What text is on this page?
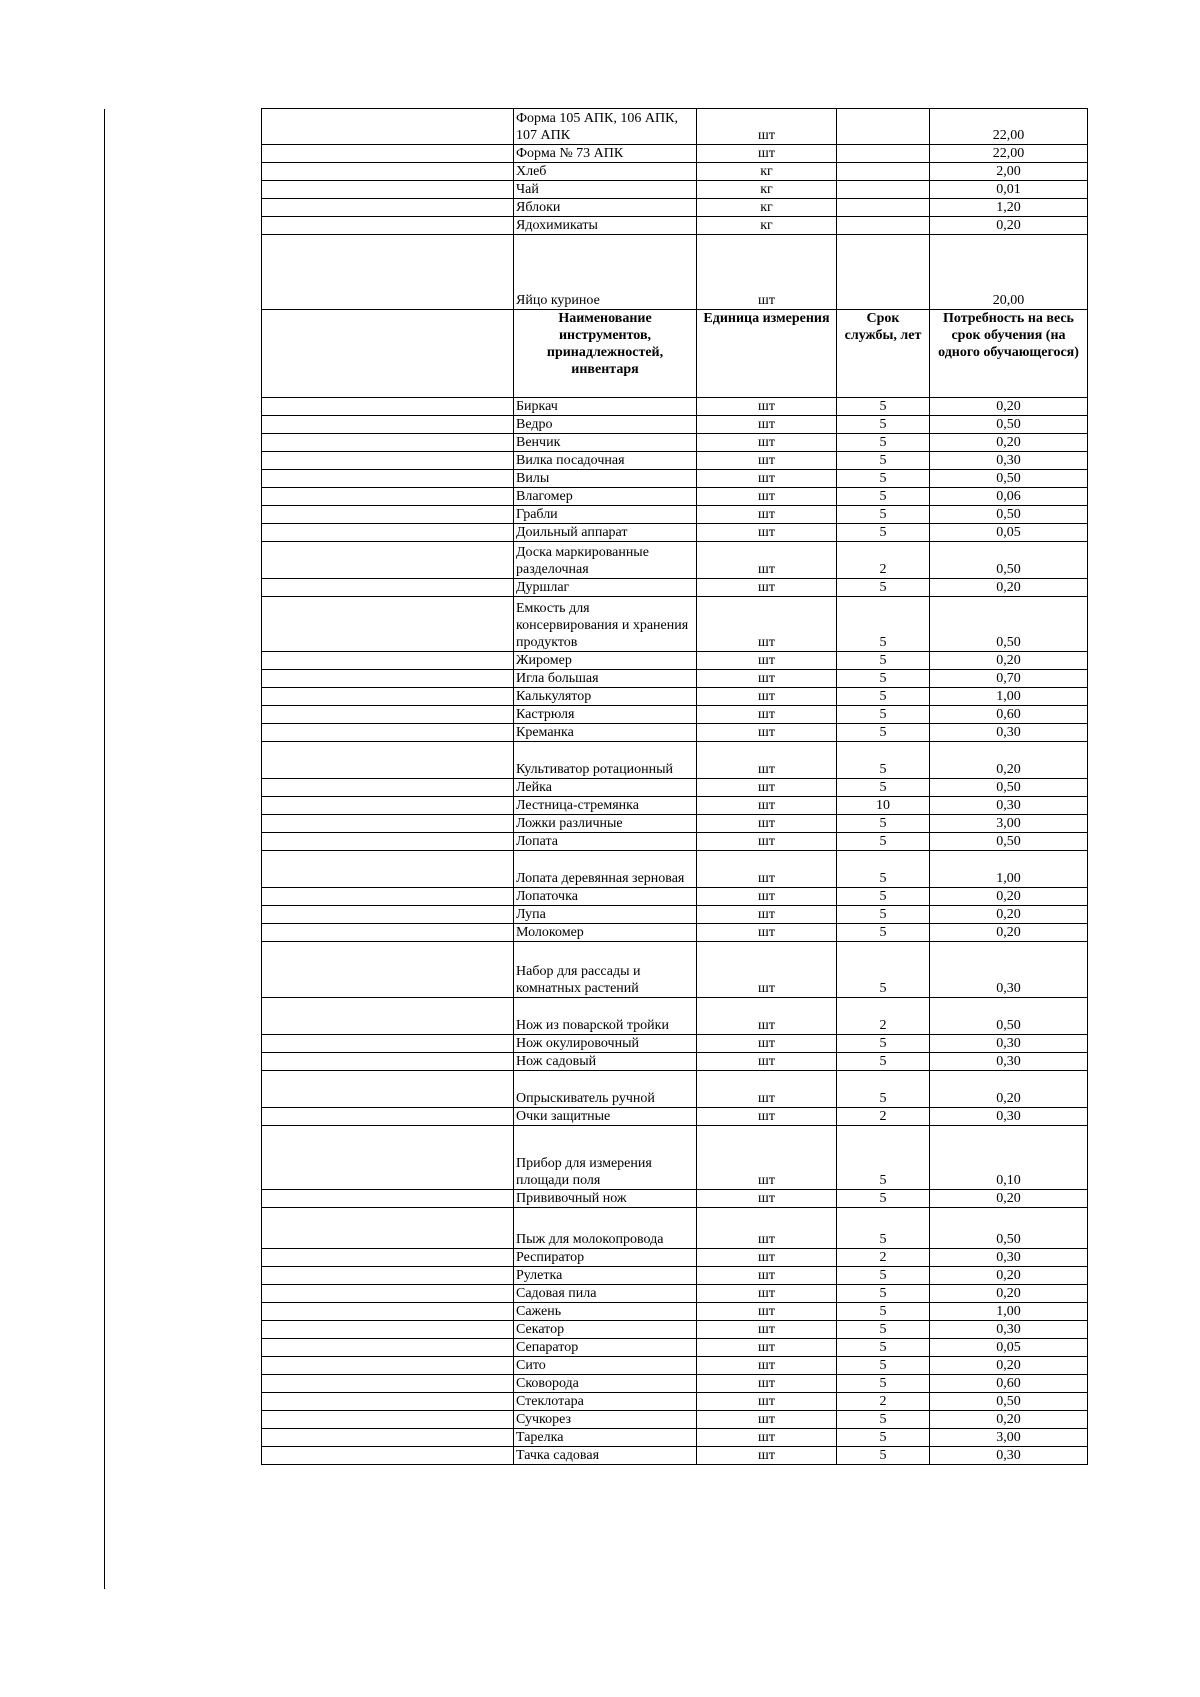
	Форма 105 АПК, 106 АПК, 107 АПК	шт		22,00
	Форма № 73 АПК	шт		22,00
	Хлеб	кг		2,00
	Чай	кг		0,01
	Яблоки	кг		1,20
	Ядохимикаты	кг		0,20
	Яйцо куриное	шт		20,00
	Наименование инструментов, принадлежностей, инвентаря	Единица измерения	Срок службы, лет	Потребность на весь срок обучения (на одного обучающегося)
	Биркач	шт	5	0,20
	Ведро	шт	5	0,50
	Венчик	шт	5	0,20
	Вилка посадочная	шт	5	0,30
	Вилы	шт	5	0,50
	Влагомер	шт	5	0,06
	Грабли	шт	5	0,50
	Доильный аппарат	шт	5	0,05
	Доска маркированные разделочная	шт	2	0,50
	Дуршлаг	шт	5	0,20
	Емкость для консервирования и хранения продуктов	шт	5	0,50
	Жиромер	шт	5	0,20
	Игла большая	шт	5	0,70
	Калькулятор	шт	5	1,00
	Кастрюля	шт	5	0,60
	Креманка	шт	5	0,30
	Культиватор ротационный	шт	5	0,20
	Лейка	шт	5	0,50
	Лестница-стремянка	шт	10	0,30
	Ложки различные	шт	5	3,00
	Лопата	шт	5	0,50
	Лопата деревянная зерновая	шт	5	1,00
	Лопаточка	шт	5	0,20
	Лупа	шт	5	0,20
	Молокомер	шт	5	0,20
	Набор для рассады и комнатных растений	шт	5	0,30
	Нож из поварской тройки	шт	2	0,50
	Нож окулировочный	шт	5	0,30
	Нож садовый	шт	5	0,30
	Опрыскиватель ручной	шт	5	0,20
	Очки защитные	шт	2	0,30
	Прибор для измерения площади поля	шт	5	0,10
	Прививочный нож	шт	5	0,20
	Пыж для молокопровода	шт	5	0,50
	Респиратор	шт	2	0,30
	Рулетка	шт	5	0,20
	Садовая пила	шт	5	0,20
	Сажень	шт	5	1,00
	Секатор	шт	5	0,30
	Сепаратор	шт	5	0,05
	Сито	шт	5	0,20
	Сковорода	шт	5	0,60
	Стеклотара	шт	2	0,50
	Сучкорез	шт	5	0,20
	Тарелка	шт	5	3,00
	Тачка садовая	шт	5	0,30
